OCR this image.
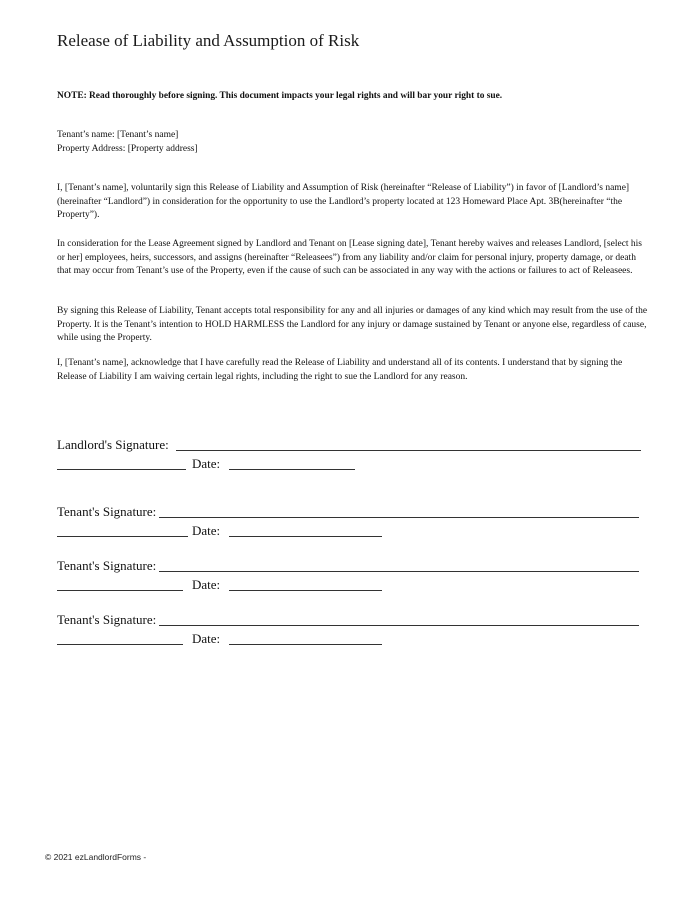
Release of Liability and Assumption of Risk
NOTE: Read thoroughly before signing. This document impacts your legal rights and will bar your right to sue.
Tenant’s name: [Tenant’s name]
Property Address: [Property address]
I, [Tenant’s name], voluntarily sign this Release of Liability and Assumption of Risk (hereinafter “Release of Liability”) in favor of [Landlord’s name] (hereinafter “Landlord”) in consideration for the opportunity to use the Landlord’s property located at 123 Homeward Place Apt. 3B(hereinafter “the Property”).
In consideration for the Lease Agreement signed by Landlord and Tenant on [Lease signing date], Tenant hereby waives and releases Landlord, [select his or her] employees, heirs, successors, and assigns (hereinafter “Releasees”) from any liability and/or claim for personal injury, property damage, or death that may occur from Tenant’s use of the Property, even if the cause of such can be associated in any way with the actions or failures to act of Releasees.
By signing this Release of Liability, Tenant accepts total responsibility for any and all injuries or damages of any kind which may result from the use of the Property. It is the Tenant’s intention to HOLD HARMLESS the Landlord for any injury or damage sustained by Tenant or anyone else, regardless of cause, while using the Property.
I, [Tenant’s name], acknowledge that I have carefully read the Release of Liability and understand all of its contents. I understand that by signing the Release of Liability I am waiving certain legal rights, including the right to sue the Landlord for any reason.
Landlord's Signature:
Date:
Tenant's Signature:
Date:
Tenant's Signature:
Date:
Tenant's Signature:
Date:
© 2021 ezLandlordForms -
